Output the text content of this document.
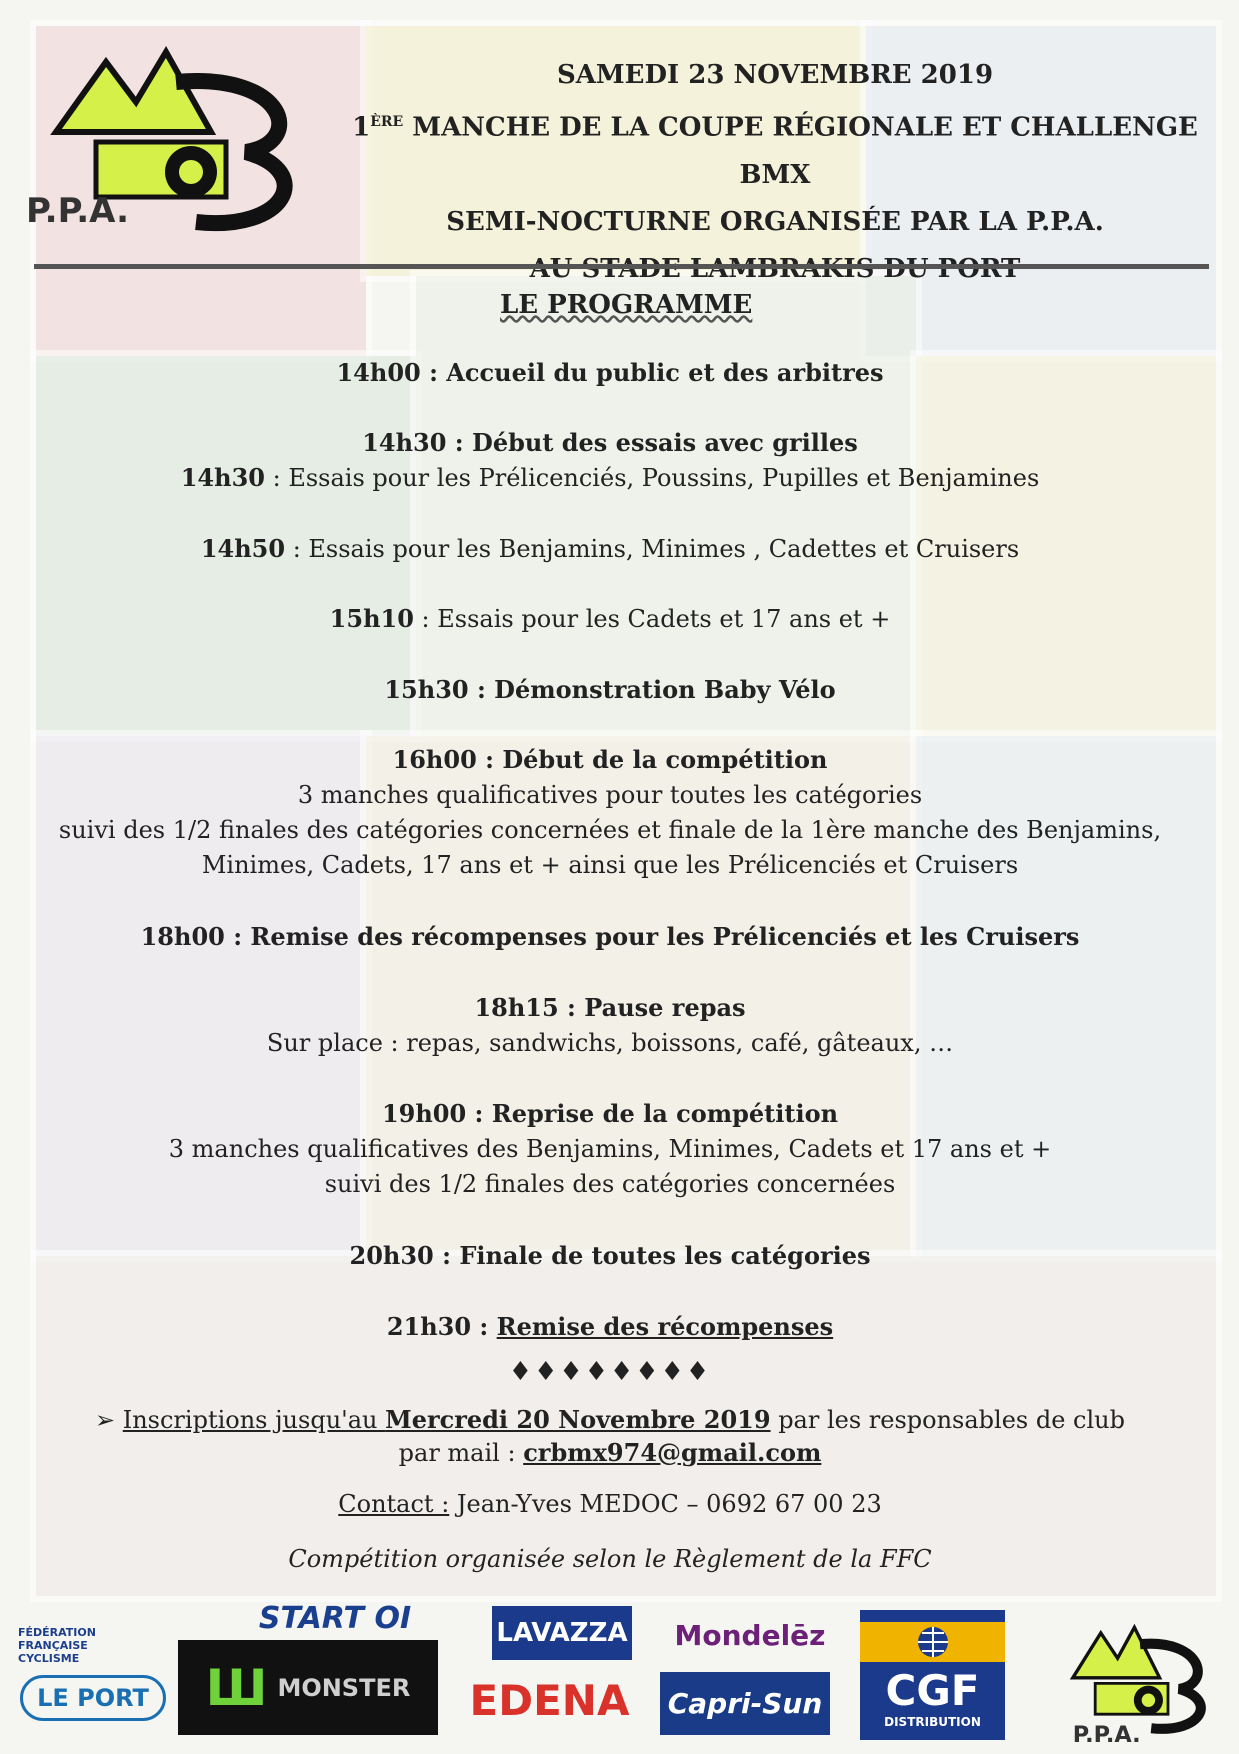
P.P.A.
SAMEDI 23 NOVEMBRE 2019
1ÈRE MANCHE DE LA COUPE RÉGIONALE ET CHALLENGE BMX
SEMI-NOCTURNE ORGANISÉE PAR LA P.P.A.
LE PROGRAMME
14h00 : Accueil du public et des arbitres
14h30 : Début des essais avec grilles
14h30 : Essais pour les Prélicenciés, Poussins, Pupilles et Benjamines
14h50 : Essais pour les Benjamins, Minimes , Cadettes et Cruisers
15h10 : Essais pour les Cadets et 17 ans et +
15h30 : Démonstration Baby Vélo
16h00 : Début de la compétition
3 manches qualificatives pour toutes les catégories
suivi des 1/2 finales des catégories concernées et finale de la 1ère manche des Benjamins,
Minimes, Cadets, 17 ans et + ainsi que les Prélicenciés et Cruisers
18h00 : Remise des récompenses pour les Prélicenciés et les Cruisers
18h15 : Pause repas
Sur place : repas, sandwichs, boissons, café, gâteaux, …
19h00 : Reprise de la compétition
3 manches qualificatives des Benjamins, Minimes, Cadets et 17 ans et +
suivi des 1/2 finales des catégories concernées
20h30 : Finale de toutes les catégories
21h30 : Remise des récompenses
♦♦♦♦♦♦♦♦
➢ Inscriptions jusqu'au Mercredi 20 Novembre 2019 par les responsables de club
par mail : crbmx974@gmail.com
Contact : Jean-Yves MEDOC – 0692 67 00 23
Compétition organisée selon le Règlement de la FFC
FÉDÉRATION
FRANÇAISE
CYCLISME
LE PORT
START OI
Ш MONSTER
LAVAZZA
EDENA
Mondelēz
Capri-Sun CGF
DISTRIBUTION
P.P.A.
